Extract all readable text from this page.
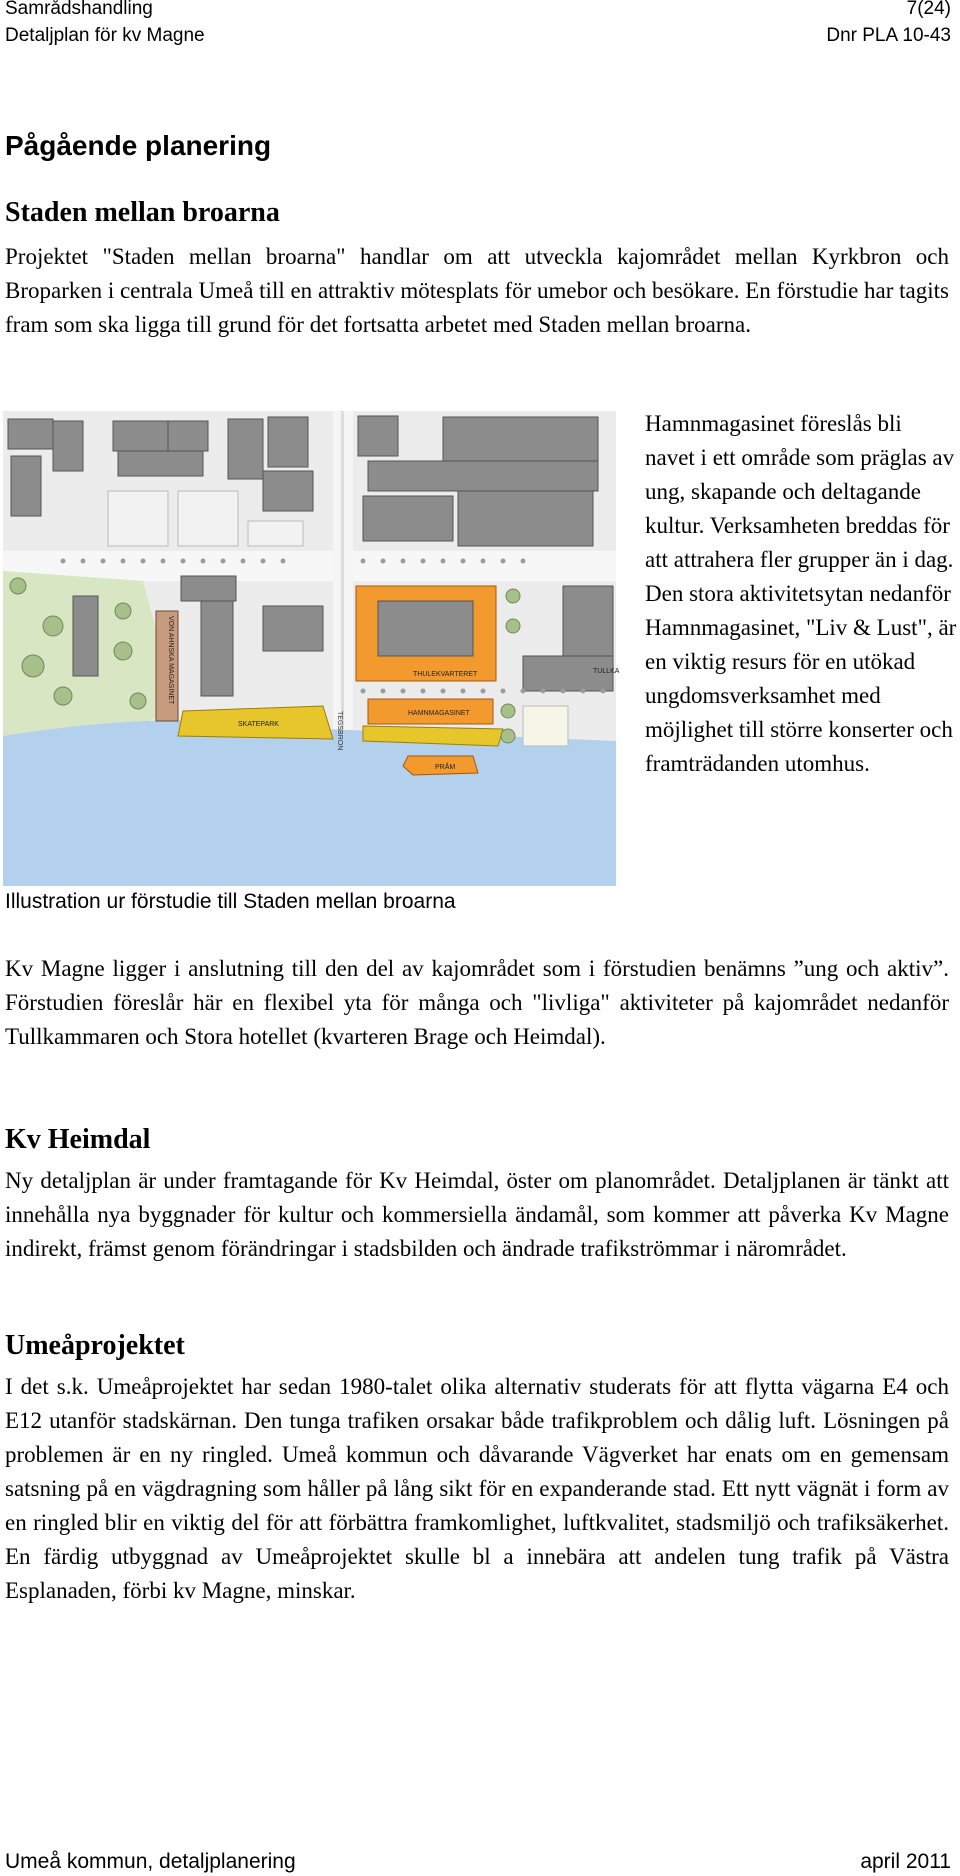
Samrådshandling	7(24)
Detaljplan för kv Magne	Dnr PLA 10-43
Pågående planering
Staden mellan broarna

Projektet "Staden mellan broarna" handlar om att utveckla kajområdet mellan Kyrkbron och Broparken i centrala Umeå till en attraktiv mötesplats för umebor och besökare. En förstudie har tagits fram som ska ligga till grund för det fortsatta arbetet med Staden mellan broarna.

VON AHNSKA MAGASINET	THULEKVARTERET
HAMNMAGASINET
SKATEPARK
PRÅM
TEGSBRON
TULLKA
Illustration ur förstudie till Staden mellan broarna
Hamnmagasinet föreslås bli navet i ett område som präglas av ung, skapande och deltagande kultur. Verksamheten breddas för att attrahera fler grupper än i dag. Den stora aktivitetsytan nedanför Hamnmagasinet, "Liv & Lust", är en viktig resurs för en utökad ungdomsverksamhet med möjlighet till större konserter och framträdanden utomhus.

Kv Magne ligger i anslutning till den del av kajområdet som i förstudien benämns ”ung och aktiv”. Förstudien föreslår här en flexibel yta för många och "livliga" aktiviteter på kajområdet nedanför Tullkammaren och Stora hotellet (kvarteren Brage och Heimdal).

Kv Heimdal

Ny detaljplan är under framtagande för Kv Heimdal, öster om planområdet. Detaljplanen är tänkt att innehålla nya byggnader för kultur och kommersiella ändamål, som kommer att påverka Kv Magne indirekt, främst genom förändringar i stadsbilden och ändrade trafikströmmar i närområdet.

Umeåprojektet

I det s.k. Umeåprojektet har sedan 1980-talet olika alternativ studerats för att flytta vägarna E4 och E12 utanför stadskärnan. Den tunga trafiken orsakar både trafikproblem och dålig luft. Lösningen på problemen är en ny ringled. Umeå kommun och dåvarande Vägverket har enats om en gemensam satsning på en vägdragning som håller på lång sikt för en expanderande stad. Ett nytt vägnät i form av en ringled blir en viktig del för att förbättra framkomlighet, luftkvalitet, stadsmiljö och trafiksäkerhet. En färdig utbyggnad av Umeåprojektet skulle bl a innebära att andelen tung trafik på Västra Esplanaden, förbi kv Magne, minskar.

Umeå kommun, detaljplanering	april 2011
